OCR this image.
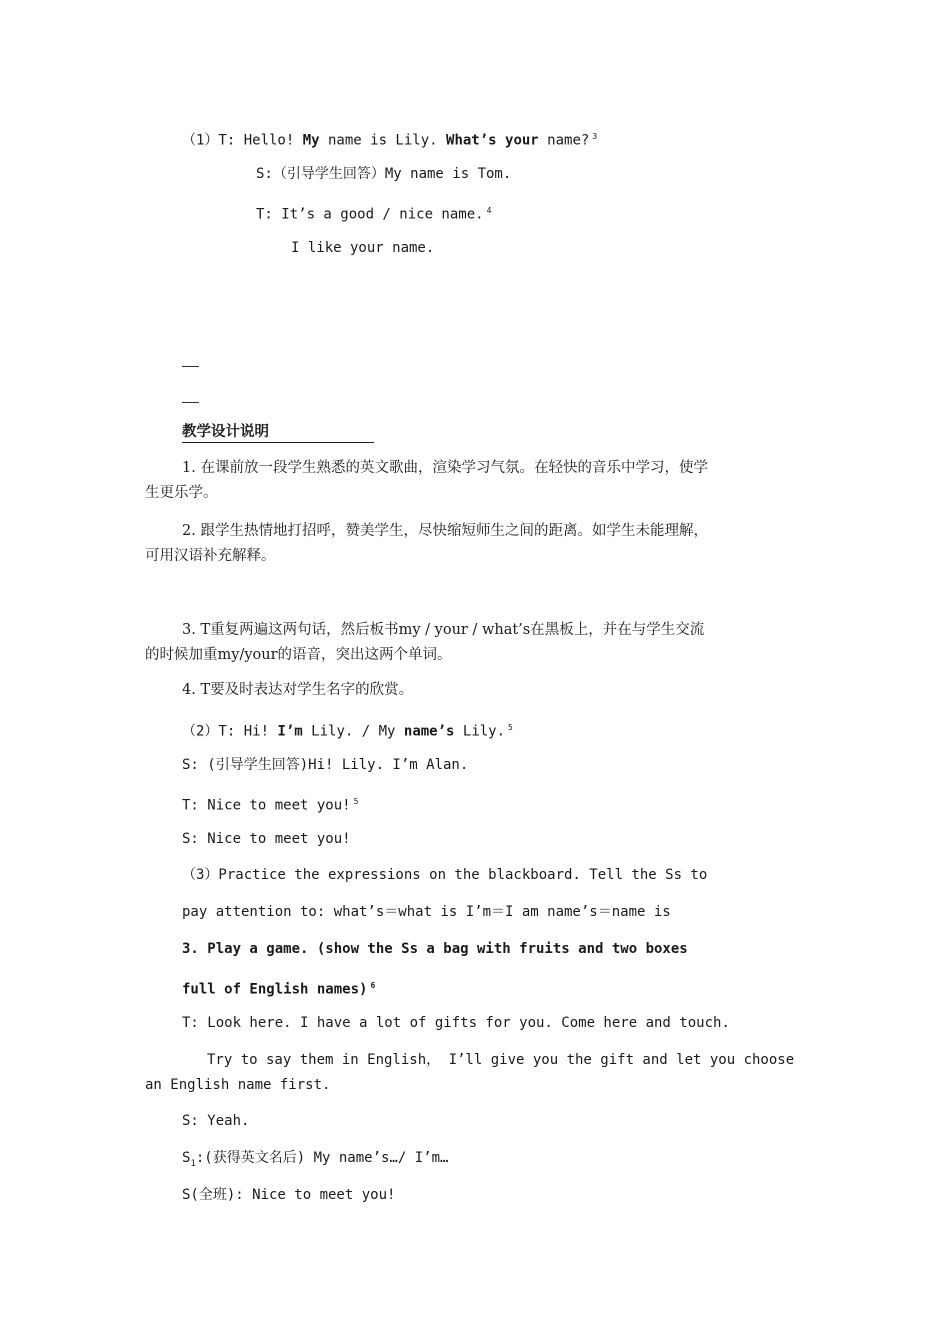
（1）T: Hello! My name is Lily. What’s your name? $^3$
S:（引导学生回答）My name is Tom.
T: It’s a good / nice name. $^4$
I like your name.
教学设计说明
1. 在课前放一段学生熟悉的英文歌曲，渲染学习气氛。在轻快的音乐中学习，使学
生更乐学。
2. 跟学生热情地打招呼，赞美学生，尽快缩短师生之间的距离。如学生未能理解，
可用汉语补充解释。
3. T重复两遍这两句话，然后板书my / your / what’s在黑板上，并在与学生交流
的时候加重my/your的语音，突出这两个单词。
4. T要及时表达对学生名字的欣赏。
（2）T: Hi! I’m Lily. / My name’s Lily. $^5$
S: (引导学生回答)Hi! Lily. I’m Alan.
T: Nice to meet you! $^5$
S: Nice to meet you!
（3）Practice the expressions on the blackboard. Tell the Ss to
pay attention to: what’s＝what is I’m＝I am name’s＝name is
3. Play a game. (show the Ss a bag with fruits and two boxes
full of English names) $^6$
T: Look here. I have a lot of gifts for you. Come here and touch.
Try to say them in English， I’ll give you the gift and let you choose
an English name first.
S: Yeah.
$S_1$:(获得英文名后) My name’s…/ I’m…
S(全班): Nice to meet you!
